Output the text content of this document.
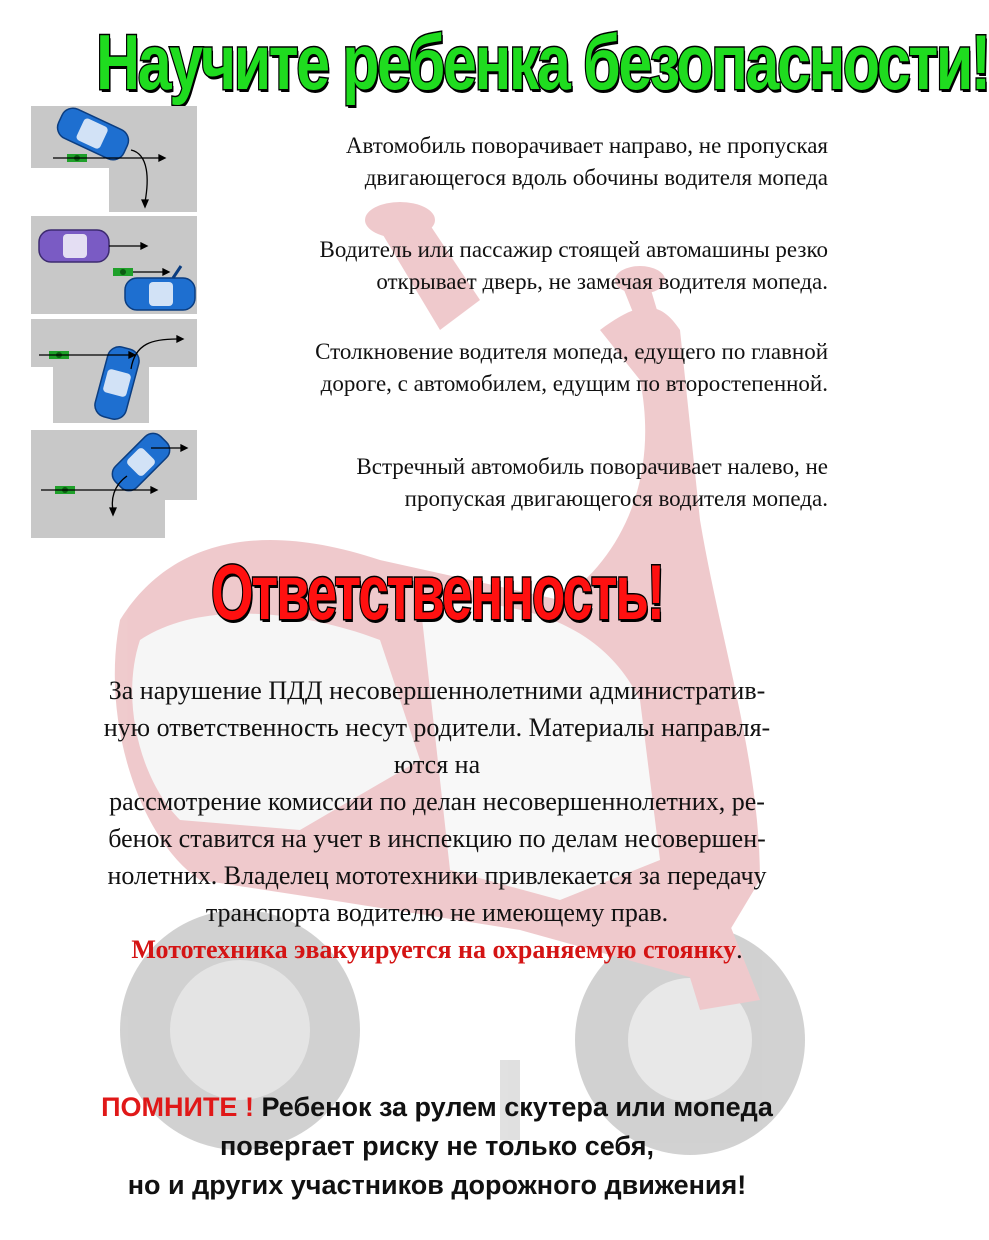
Научите ребенка безопасности!
Автомобиль поворачивает направо, не пропуская
двигающегося вдоль обочины водителя мопеда
Водитель или пассажир стоящей автомашины резко
открывает дверь, не замечая водителя мопеда.
Столкновение водителя мопеда, едущего по главной
дороге, с автомобилем, едущим по второстепенной.
Встречный автомобиль поворачивает налево, не
пропуская двигающегося водителя мопеда.
Ответственность!

За нарушение ПДД несовершеннолетними административ-

ную ответственность несут родители. Материалы направля-

ются на

рассмотрение комиссии по делан несовершеннолетних, ре-

бенок ставится на учет в инспекцию по делам несовершен-

нолетних. Владелец мототехники привлекается за передачу

транспорта водителю не имеющему прав.

Мототехника эвакуируется на охраняемую стоянку.

ПОМНИТЕ ! Ребенок за рулем скутера или мопеда
повергает риску не только себя,
но и других участников дорожного движения!
